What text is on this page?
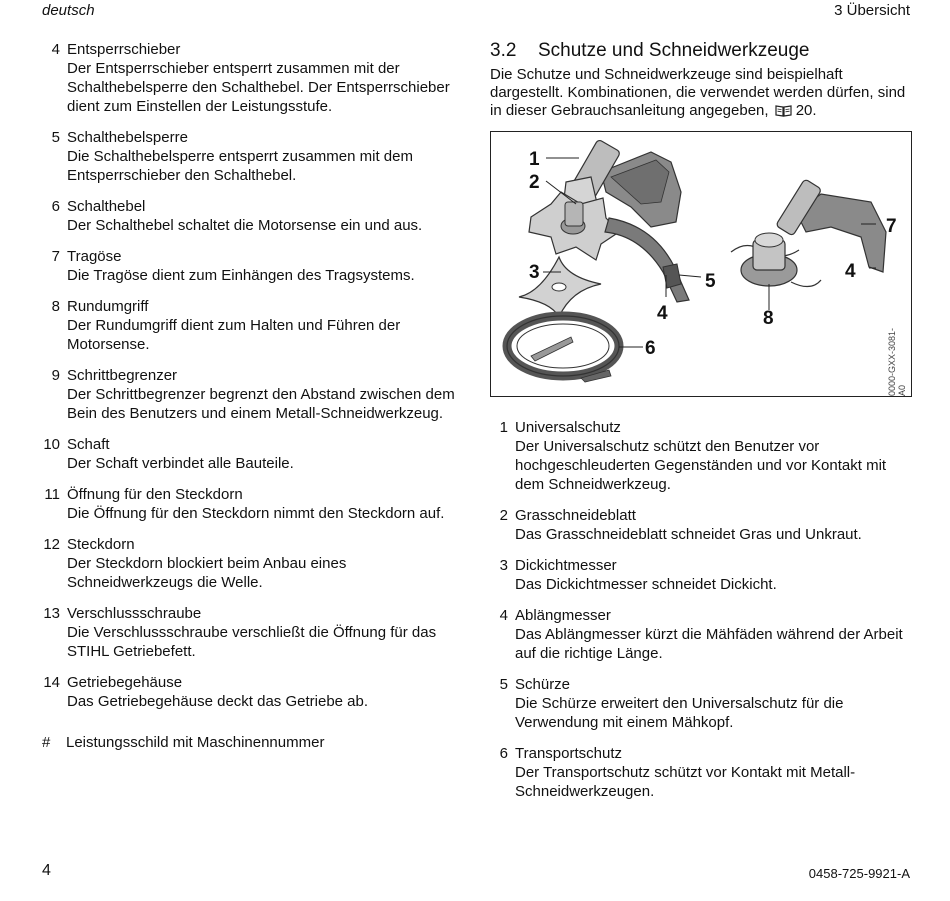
deutsch	3 Übersicht
4 Entsperrschieber
Der Entsperrschieber entsperrt zusammen mit der Schalthebelsperre den Schalthebel. Der Entsperrschieber dient zum Einstellen der Leistungsstufe.
5 Schalthebelsperre
Die Schalthebelsperre entsperrt zusammen mit dem Entsperrschieber den Schalthebel.
6 Schalthebel
Der Schalthebel schaltet die Motorsense ein und aus.
7 Tragöse
Die Tragöse dient zum Einhängen des Tragsystems.
8 Rundumgriff
Der Rundumgriff dient zum Halten und Führen der Motorsense.
9 Schrittbegrenzer
Der Schrittbegrenzer begrenzt den Abstand zwischen dem Bein des Benutzers und einem Metall-Schneidwerkzeug.
10 Schaft
Der Schaft verbindet alle Bauteile.
11 Öffnung für den Steckdorn
Die Öffnung für den Steckdorn nimmt den Steckdorn auf.
12 Steckdorn
Der Steckdorn blockiert beim Anbau eines Schneidwerkzeugs die Welle.
13 Verschlussschraube
Die Verschlussschraube verschließt die Öffnung für das STIHL Getriebefett.
14 Getriebegehäuse
Das Getriebegehäuse deckt das Getriebe ab.
# Leistungsschild mit Maschinennummer
3.2 Schutze und Schneidwerkzeuge
Die Schutze und Schneidwerkzeuge sind beispielhaft dargestellt. Kombinationen, die verwendet werden dürfen, sind in dieser Gebrauchsanleitung angegeben, 20.
1
2
3
4
5
6
4
7
8
0000-GXX-3081-A0
1 Universalschutz
Der Universalschutz schützt den Benutzer vor hochgeschleuderten Gegenständen und vor Kontakt mit dem Schneidwerkzeug.
2 Grasschneideblatt
Das Grasschneideblatt schneidet Gras und Unkraut.
3 Dickichtmesser
Das Dickichtmesser schneidet Dickicht.
4 Ablängmesser
Das Ablängmesser kürzt die Mähfäden während der Arbeit auf die richtige Länge.
5 Schürze
Die Schürze erweitert den Universalschutz für die Verwendung mit einem Mähkopf.
6 Transportschutz
Der Transportschutz schützt vor Kontakt mit Metall-Schneidwerkzeugen.
4	0458-725-9921-A
